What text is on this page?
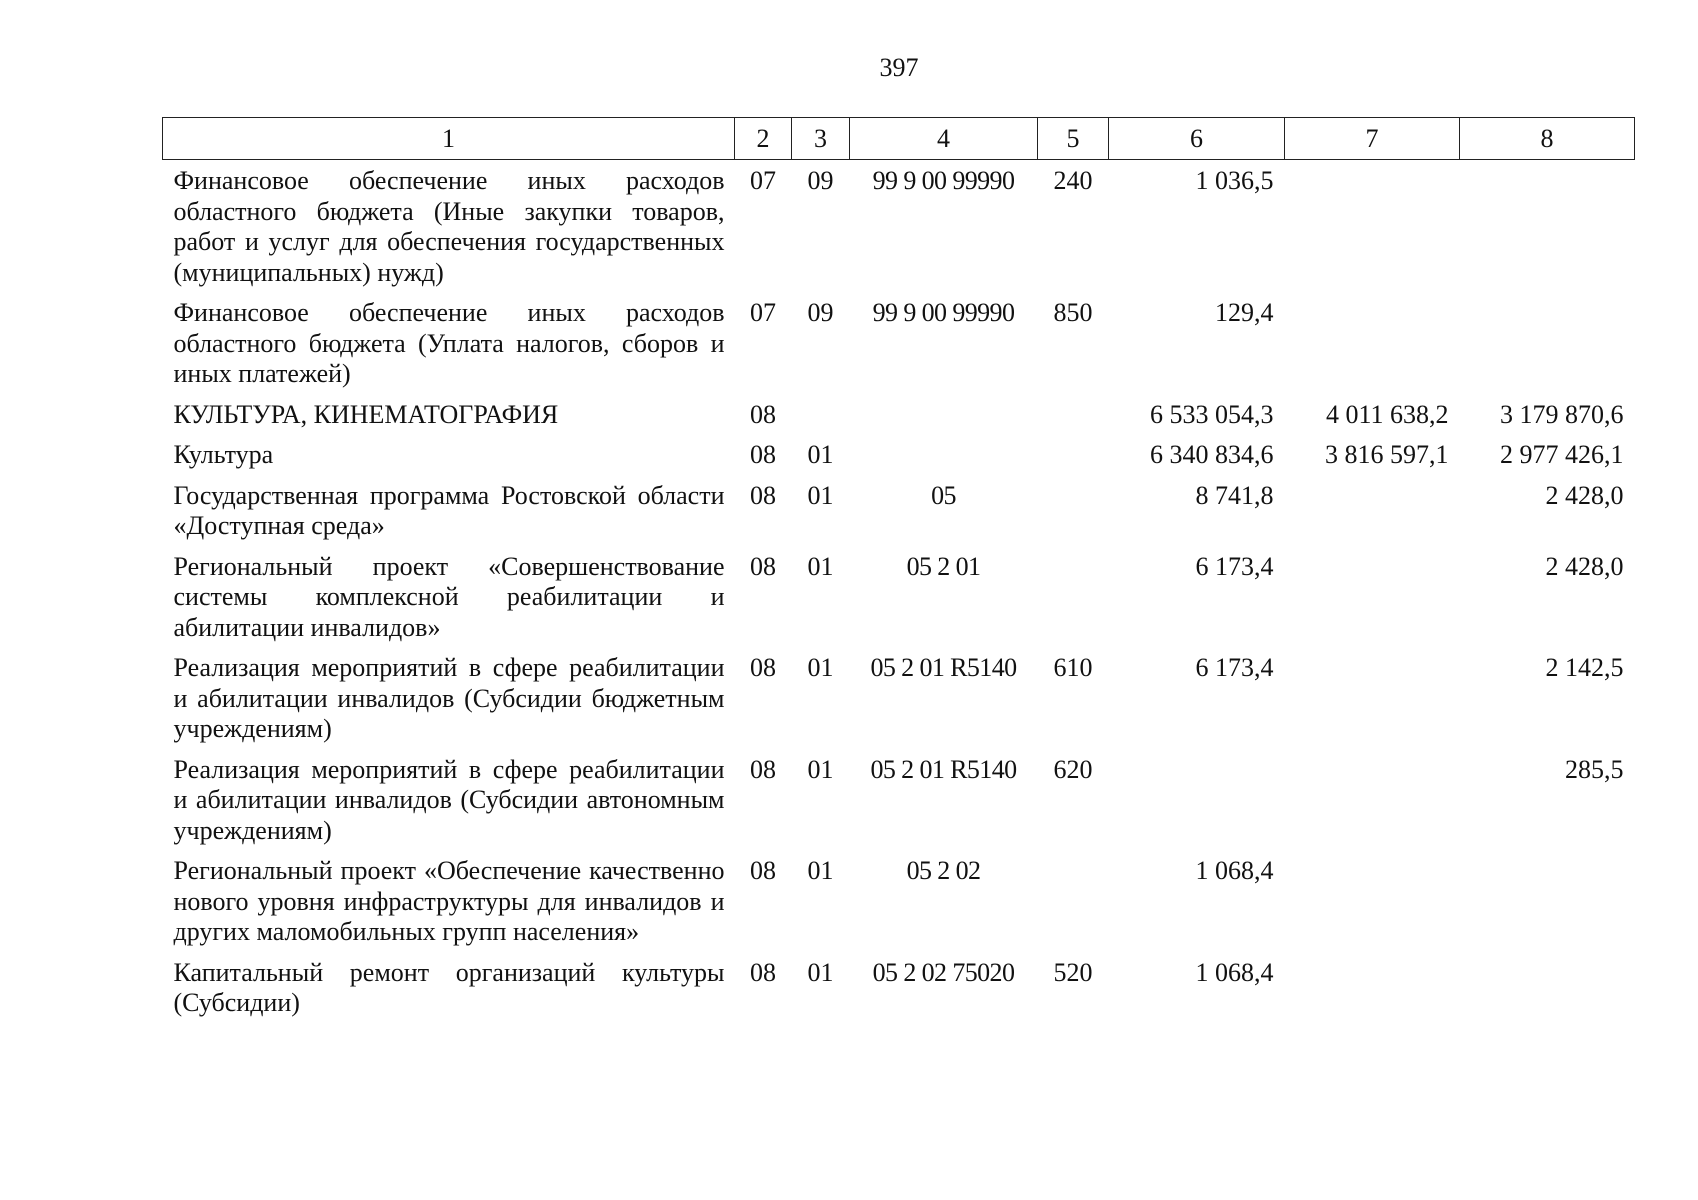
397
1	2	3	4	5	6	7	8
Финансовое обеспечение иных расходов областного бюджета (Иные закупки товаров, работ и услуг для обеспечения государственных (муниципальных) нужд)	07	09	99 9 00 99990	240	1 036,5		
Финансовое обеспечение иных расходов областного бюджета (Уплата налогов, сборов и иных платежей)	07	09	99 9 00 99990	850	129,4		
КУЛЬТУРА, КИНЕМАТОГРАФИЯ	08				6 533 054,3	4 011 638,2	3 179 870,6
Культура	08	01			6 340 834,6	3 816 597,1	2 977 426,1
Государственная программа Ростовской области «Доступная среда»	08	01	05		8 741,8		2 428,0
Региональный проект «Совершенствование системы комплексной реабилитации и абилитации инвалидов»	08	01	05 2 01		6 173,4		2 428,0
Реализация мероприятий в сфере реабилитации и абилитации инвалидов (Субсидии бюджетным учреждениям)	08	01	05 2 01 R5140	610	6 173,4		2 142,5
Реализация мероприятий в сфере реабилитации и абилитации инвалидов (Субсидии автономным учреждениям)	08	01	05 2 01 R5140	620			285,5
Региональный проект «Обеспечение качественно нового уровня инфраструктуры для инвалидов и других маломобильных групп населения»	08	01	05 2 02		1 068,4		
Капитальный ремонт организаций культуры (Субсидии)	08	01	05 2 02 75020	520	1 068,4		
